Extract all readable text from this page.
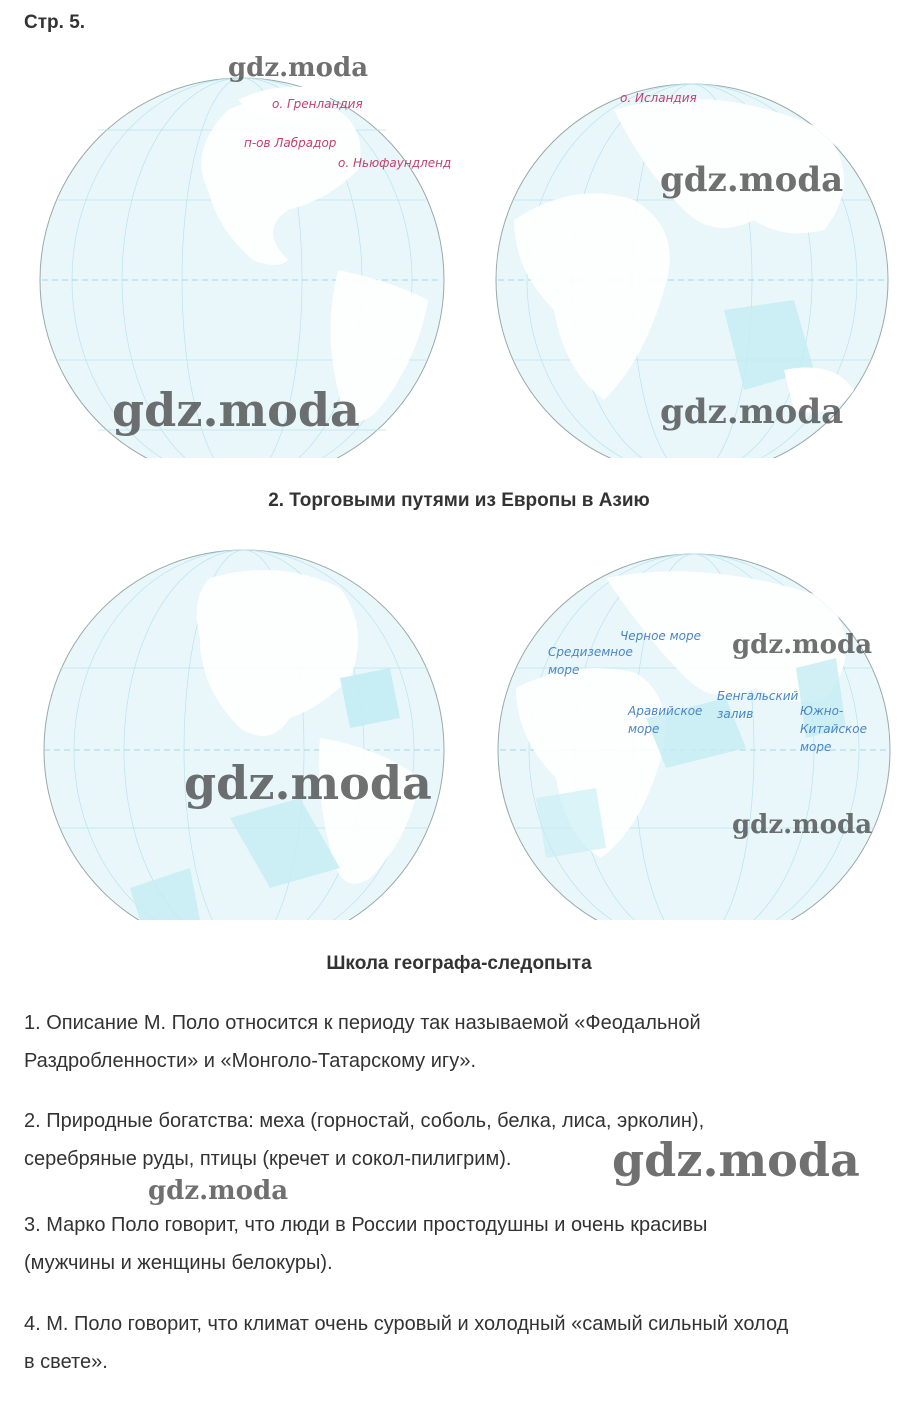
Стр. 5.
о. Гренландия
п-ов Лабрадор
о. Ньюфаундленд
о. Исландия
gdz.moda
gdz.moda
gdz.moda	gdz.moda
2. Торговыми путями из Европы в Азию
Черное море
Средиземное
море
Аравийское
море
Бенгальский
залив	Южно-
Китайское
море
gdz.moda
gdz.moda
gdz.moda
Школа географа-следопыта
1. Описание М. Поло относится к периоду так называемой «Феодальной
Раздробленности» и «Монголо-Татарскому игу».
2. Природные богатства: меха (горностай, соболь, белка, лиса, эрколин),
серебряные руды, птицы (кречет и сокол-пилигрим).	gdz.moda
gdz.moda
3. Марко Поло говорит, что люди в России простодушны и очень красивы
(мужчины и женщины белокуры).
4. М. Поло говорит, что климат очень суровый и холодный «самый сильный холод
в свете».
